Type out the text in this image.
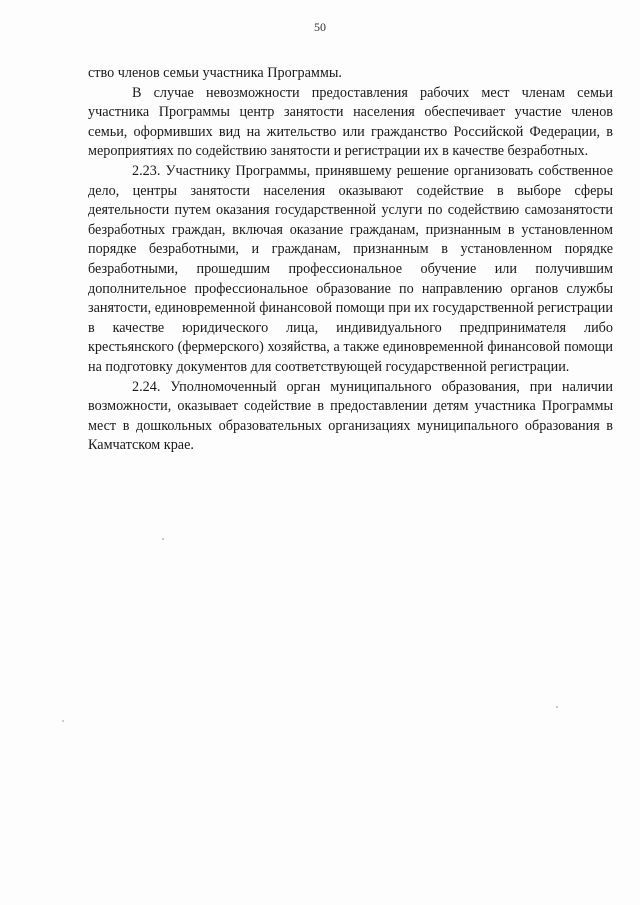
50

ство членов семьи участника Программы.

В случае невозможности предоставления рабочих мест членам семьи участника Программы центр занятости населения обеспечивает участие членов семьи, оформивших вид на жительство или гражданство Российской Федерации, в мероприятиях по содействию занятости и регистрации их в качестве безработных.

2.23. Участнику Программы, принявшему решение организовать собственное дело, центры занятости населения оказывают содействие в выборе сферы деятельности путем оказания государственной услуги по содействию самозанятости безработных граждан, включая оказание гражданам, признанным в установленном порядке безработными, и гражданам, признанным в установленном порядке безработными, прошедшим профессиональное обучение или получившим дополнительное профессиональное образование по направлению органов службы занятости, единовременной финансовой помощи при их государственной регистрации в качестве юридического лица, индивидуального предпринимателя либо крестьянского (фермерского) хозяйства, а также единовременной финансовой помощи на подготовку документов для соответствующей государственной регистрации.

2.24. Уполномоченный орган муниципального образования, при наличии возможности, оказывает содействие в предоставлении детям участника Программы мест в дошкольных образовательных организациях муниципального образования в Камчатском крае.
